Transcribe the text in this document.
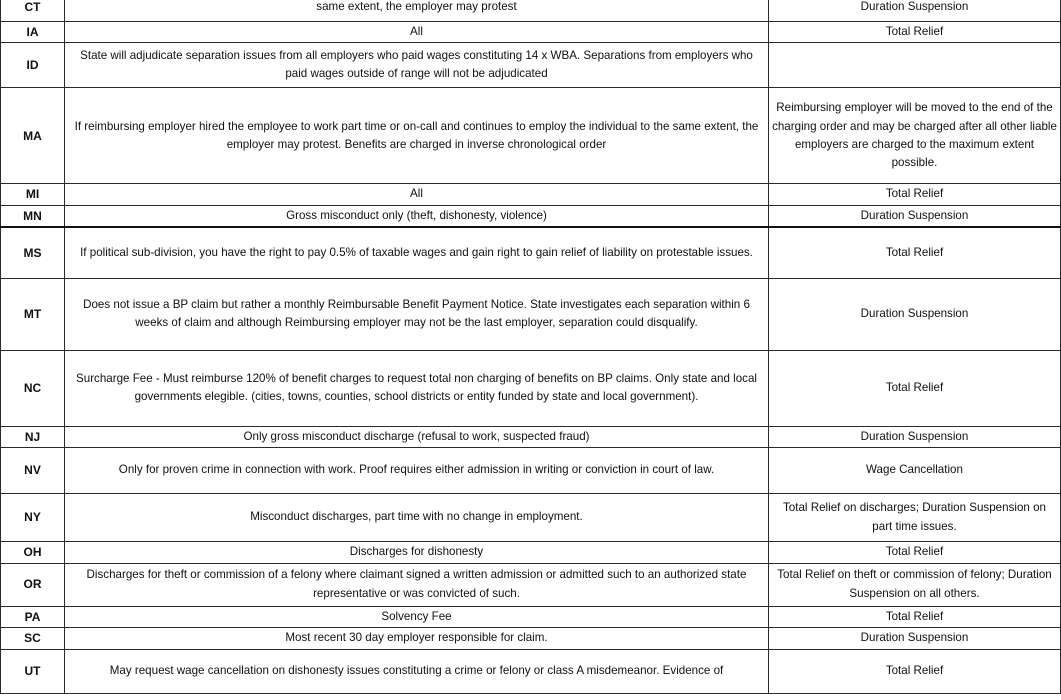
CT	same extent, the employer may protest	Duration Suspension
IA	All	Total Relief
ID	State will adjudicate separation issues from all employers who paid wages constituting 14 x WBA. Separations from employers who paid wages outside of range will not be adjudicated	
MA	If reimbursing employer hired the employee to work part time or on-call and continues to employ the individual to the same extent, the employer may protest. Benefits are charged in inverse chronological order	Reimbursing employer will be moved to the end of the charging order and may be charged after all other liable employers are charged to the maximum extent possible.
MI	All	Total Relief
MN	Gross misconduct only (theft, dishonesty, violence)	Duration Suspension
MS	If political sub-division, you have the right to pay 0.5% of taxable wages and gain right to gain relief of liability on protestable issues.	Total Relief
MT	Does not issue a BP claim but rather a monthly Reimbursable Benefit Payment Notice. State investigates each separation within 6 weeks of claim and although Reimbursing employer may not be the last employer, separation could disqualify.	Duration Suspension
NC	Surcharge Fee - Must reimburse 120% of benefit charges to request total non charging of benefits on BP claims. Only state and local governments elegible. (cities, towns, counties, school districts or entity funded by state and local government).	Total Relief
NJ	Only gross misconduct discharge (refusal to work, suspected fraud)	Duration Suspension
NV	Only for proven crime in connection with work. Proof requires either admission in writing or conviction in court of law.	Wage Cancellation
NY	Misconduct discharges, part time with no change in employment.	Total Relief on discharges; Duration Suspension on part time issues.
OH	Discharges for dishonesty	Total Relief
OR	Discharges for theft or commission of a felony where claimant signed a written admission or admitted such to an authorized state representative or was convicted of such.	Total Relief on theft or commission of felony; Duration Suspension on all others.
PA	Solvency Fee	Total Relief
SC	Most recent 30 day employer responsible for claim.	Duration Suspension
UT	May request wage cancellation on dishonesty issues constituting a crime or felony or class A misdemeanor. Evidence of	Total Relief
